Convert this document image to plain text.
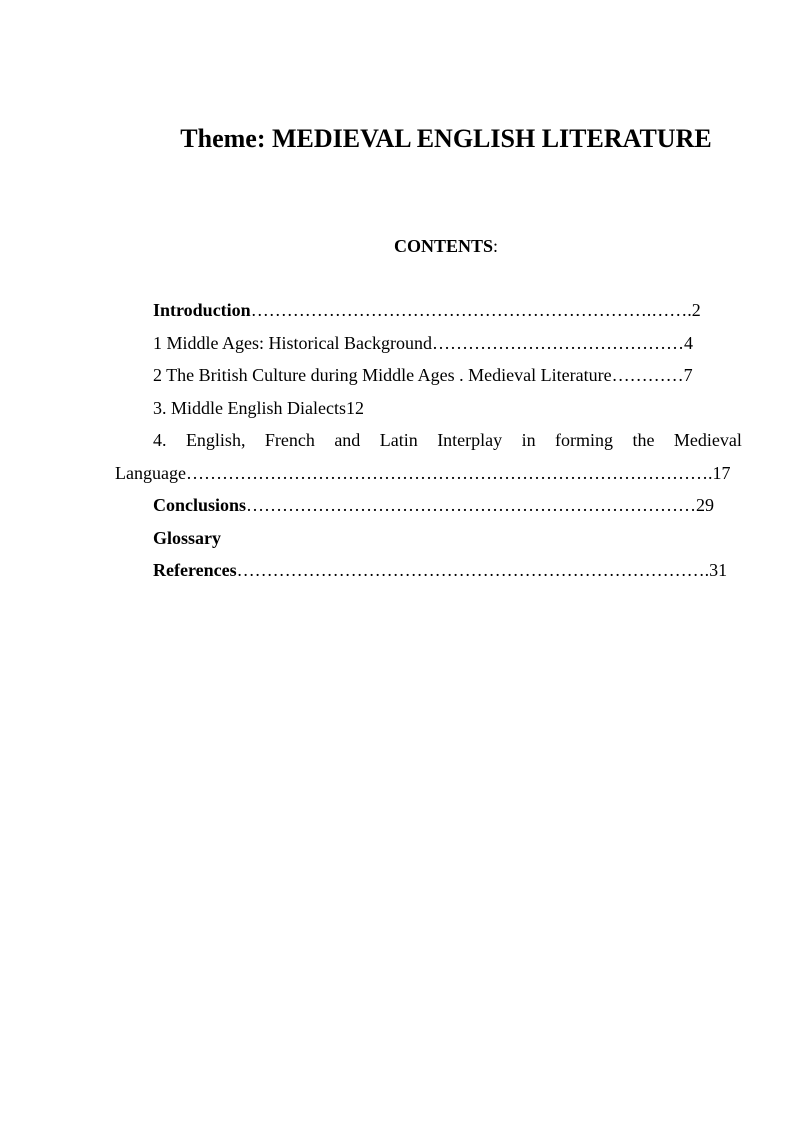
Theme: MEDIEVAL ENGLISH LITERATURE
CONTENTS:
Introduction………………………………………………………….…….2
1 Middle Ages: Historical Background……………………………………4
2 The British Culture during Middle Ages . Medieval Literature…………7
3. Middle English Dialects12
4. English, French and Latin Interplay in forming the Medieval
Language…………………………………………………………………………….17
Conclusions…………………………………………………………………29
Glossary
References…………………………………………………………………….31
